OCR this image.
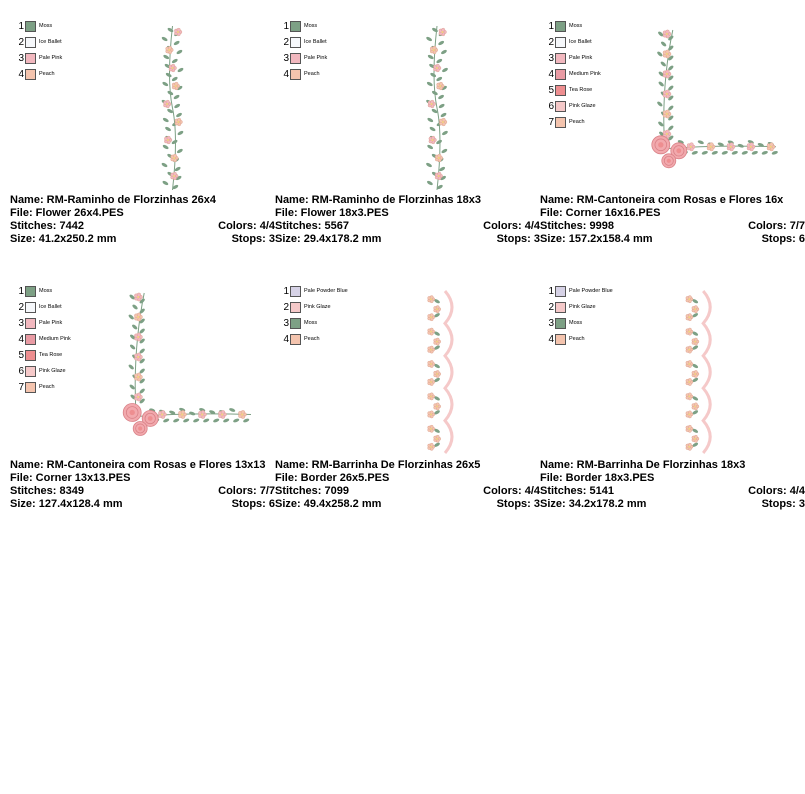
1	Moss
2	Ice Ballet
3	Pale Pink
4	Peach
Name: RM-Raminho de Florzinhas 26x4
File: Flower 26x4.PES
Stitches: 7442	Colors: 4/4
Size: 41.2x250.2 mm	Stops: 3
1	Moss
2	Ice Ballet
3	Pale Pink
4	Peach
Name: RM-Raminho de Florzinhas 18x3
File: Flower 18x3.PES
Stitches: 5567	Colors: 4/4
Size: 29.4x178.2 mm	Stops: 3
1	Moss
2	Ice Ballet
3	Pale Pink
4	Medium Pink
5	Tea Rose
6	Pink Glaze
7	Peach
Name: RM-Cantoneira com Rosas e Flores 16x
File: Corner 16x16.PES
Stitches: 9998	Colors: 7/7
Size: 157.2x158.4 mm	Stops: 6
1	Moss
2	Ice Ballet
3	Pale Pink
4	Medium Pink
5	Tea Rose
6	Pink Glaze
7	Peach
Name: RM-Cantoneira com Rosas e Flores 13x13
File: Corner 13x13.PES
Stitches: 8349	Colors: 7/7
Size: 127.4x128.4 mm	Stops: 6
1	Pale Powder Blue
2	Pink Glaze
3	Moss
4	Peach
Name: RM-Barrinha De Florzinhas 26x5
File: Border 26x5.PES
Stitches: 7099	Colors: 4/4
Size: 49.4x258.2 mm	Stops: 3
1	Pale Powder Blue
2	Pink Glaze
3	Moss
4	Peach
Name: RM-Barrinha De Florzinhas 18x3
File: Border 18x3.PES
Stitches: 5141	Colors: 4/4
Size: 34.2x178.2 mm	Stops: 3
